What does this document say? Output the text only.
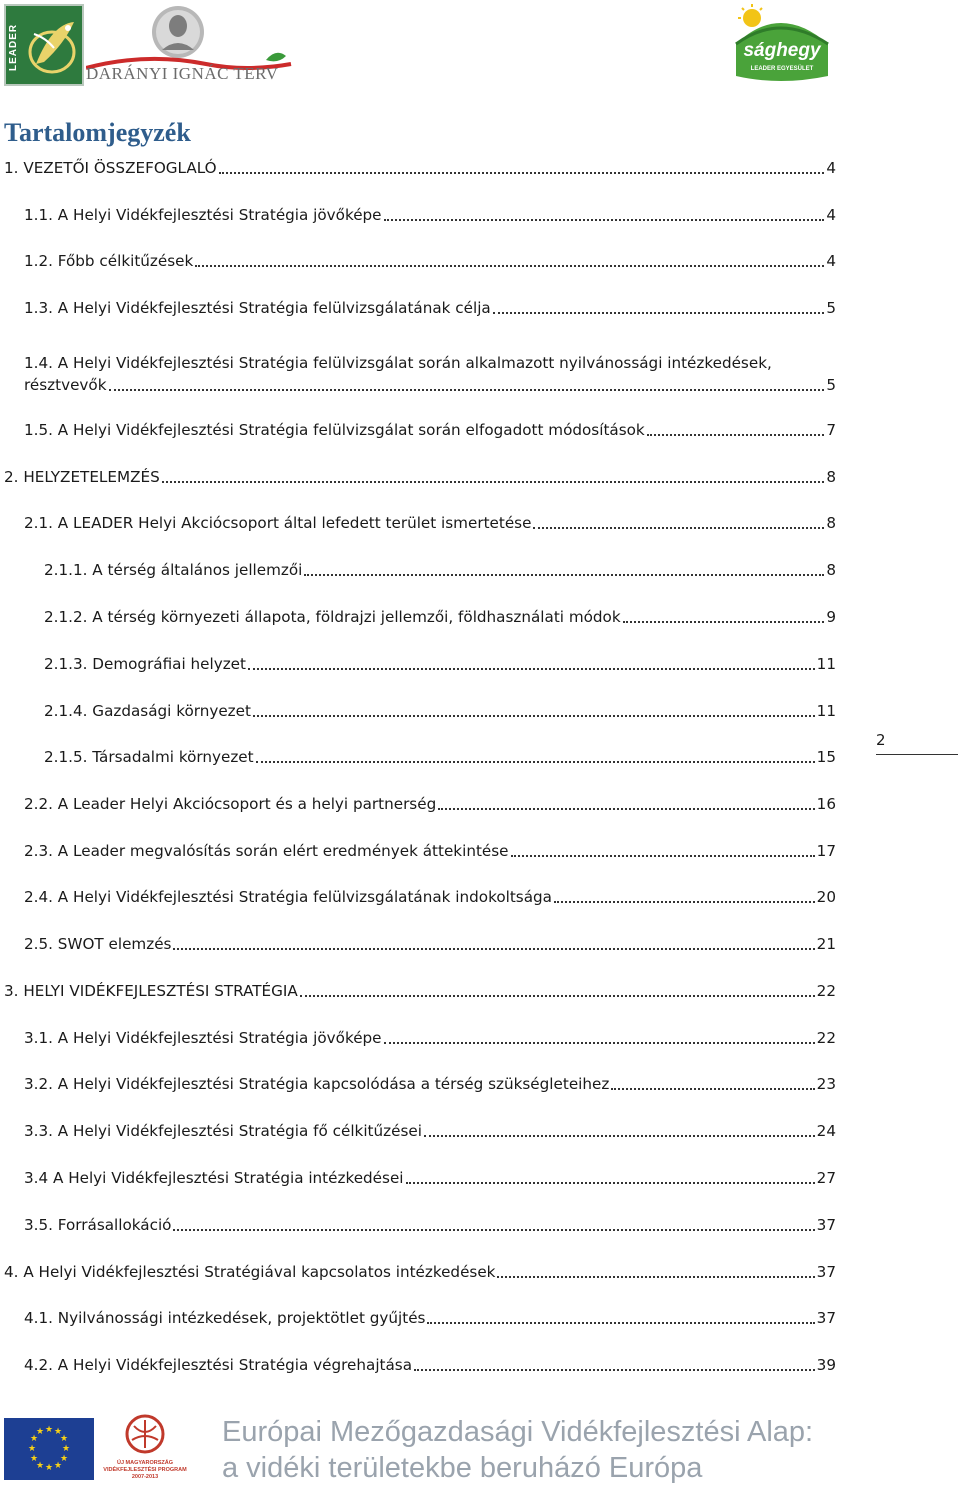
LEADER
DARÁNYI IGNÁC TERV
sághegy
LEADER EGYESÜLET
Tartalomjegyzék
1. VEZETŐI ÖSSZEFOGLALÓ	4
1.1. A Helyi Vidékfejlesztési Stratégia jövőképe	4
1.2. Főbb célkitűzések	4
1.3. A Helyi Vidékfejlesztési Stratégia felülvizsgálatának célja	5
1.4. A Helyi Vidékfejlesztési Stratégia felülvizsgálat során alkalmazott nyilvánossági intézkedések,
résztvevők	5
1.5. A Helyi Vidékfejlesztési Stratégia felülvizsgálat során elfogadott módosítások	7
2. HELYZETELEMZÉS	8
2.1. A LEADER Helyi Akciócsoport által lefedett terület ismertetése	8
2.1.1. A térség általános jellemzői	8
2.1.2. A térség környezeti állapota, földrajzi jellemzői, földhasználati módok	9
2.1.3. Demográfiai helyzet	11
2.1.4. Gazdasági környezet	11
2.1.5. Társadalmi környezet	15
2.2. A Leader Helyi Akciócsoport és a helyi partnerség	16
2.3. A Leader megvalósítás során elért eredmények áttekintése	17
2.4. A Helyi Vidékfejlesztési Stratégia felülvizsgálatának indokoltsága	20
2.5. SWOT elemzés	21
3. HELYI VIDÉKFEJLESZTÉSI STRATÉGIA	22
3.1. A Helyi Vidékfejlesztési Stratégia jövőképe	22
3.2. A Helyi Vidékfejlesztési Stratégia kapcsolódása a térség szükségleteihez	23
3.3. A Helyi Vidékfejlesztési Stratégia fő célkitűzései	24
3.4 A Helyi Vidékfejlesztési Stratégia intézkedései	27
3.5. Forrásallokáció	37
4. A Helyi Vidékfejlesztési Stratégiával kapcsolatos intézkedések	37
4.1. Nyilvánossági intézkedések, projektötlet gyűjtés	37
4.2. A Helyi Vidékfejlesztési Stratégia végrehajtása	39
2
★ ★
★
★
★
★
★
★
★
★
★
★
ÚJ MAGYARORSZÁG VIDÉKFEJLESZTÉSI PROGRAM 2007-2013
Európai Mezőgazdasági Vidékfejlesztési Alap:
a vidéki területekbe beruházó Európa
